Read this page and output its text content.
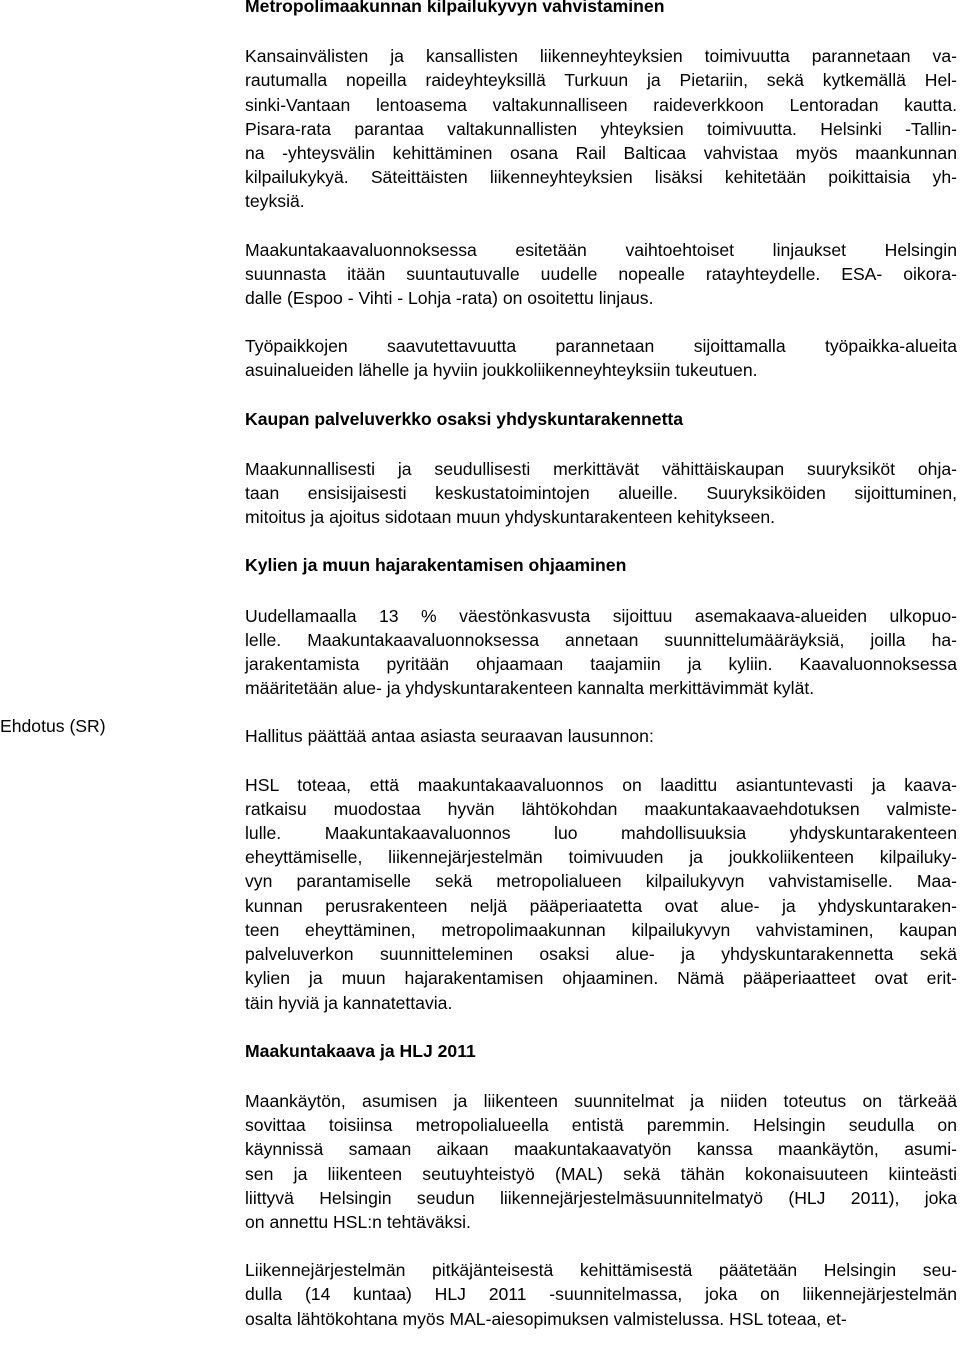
Ehdotus (SR)
Metropolimaakunnan kilpailukyvyn vahvistaminen
Kansainvälisten ja kansallisten liikenneyhteyksien toimivuutta parannetaan va-
rautumalla nopeilla raideyhteyksillä Turkuun ja Pietariin, sekä kytkemällä Hel-
sinki-Vantaan lentoasema valtakunnalliseen raideverkkoon Lentoradan kautta.
Pisara-rata parantaa valtakunnallisten yhteyksien toimivuutta. Helsinki -Tallin-
na -yhteysvälin kehittäminen osana Rail Balticaa vahvistaa myös maankunnan
kilpailukykyä. Säteittäisten liikenneyhteyksien lisäksi kehitetään poikittaisia yh-
teyksiä.
Maakuntakaavaluonnoksessa esitetään vaihtoehtoiset linjaukset Helsingin
suunnasta itään suuntautuvalle uudelle nopealle ratayhteydelle. ESA- oikora-
dalle (Espoo - Vihti - Lohja -rata) on osoitettu linjaus.
Työpaikkojen saavutettavuutta parannetaan sijoittamalla työpaikka-alueita
asuinalueiden lähelle ja hyviin joukkoliikenneyhteyksiin tukeutuen.
Kaupan palveluverkko osaksi yhdyskuntarakennetta
Maakunnallisesti ja seudullisesti merkittävät vähittäiskaupan suuryksiköt ohja-
taan ensisijaisesti keskustatoimintojen alueille. Suuryksiköiden sijoittuminen,
mitoitus ja ajoitus sidotaan muun yhdyskuntarakenteen kehitykseen.
Kylien ja muun hajarakentamisen ohjaaminen
Uudellamaalla 13 % väestönkasvusta sijoittuu asemakaava-alueiden ulkopuo-
lelle. Maakuntakaavaluonnoksessa annetaan suunnittelumääräyksiä, joilla ha-
jarakentamista pyritään ohjaamaan taajamiin ja kyliin. Kaavaluonnoksessa
määritetään alue- ja yhdyskuntarakenteen kannalta merkittävimmät kylät.
Hallitus päättää antaa asiasta seuraavan lausunnon:
HSL toteaa, että maakuntakaavaluonnos on laadittu asiantuntevasti ja kaava-
ratkaisu muodostaa hyvän lähtökohdan maakuntakaavaehdotuksen valmiste-
lulle. Maakuntakaavaluonnos luo mahdollisuuksia yhdyskuntarakenteen
eheyttämiselle, liikennejärjestelmän toimivuuden ja joukkoliikenteen kilpailuky-
vyn parantamiselle sekä metropolialueen kilpailukyvyn vahvistamiselle. Maa-
kunnan perusrakenteen neljä pääperiaatetta ovat alue- ja yhdyskuntaraken-
teen eheyttäminen, metropolimaakunnan kilpailukyvyn vahvistaminen, kaupan
palveluverkon suunnitteleminen osaksi alue- ja yhdyskuntarakennetta sekä
kylien ja muun hajarakentamisen ohjaaminen. Nämä pääperiaatteet ovat erit-
täin hyviä ja kannatettavia.
Maakuntakaava ja HLJ 2011
Maankäytön, asumisen ja liikenteen suunnitelmat ja niiden toteutus on tärkeää
sovittaa toisiinsa metropolialueella entistä paremmin. Helsingin seudulla on
käynnissä samaan aikaan maakuntakaavatyön kanssa maankäytön, asumi-
sen ja liikenteen seutuyhteistyö (MAL) sekä tähän kokonaisuuteen kiinteästi
liittyvä Helsingin seudun liikennejärjestelmäsuunnitelmatyö (HLJ 2011), joka
on annettu HSL:n tehtäväksi.
Liikennejärjestelmän pitkäjänteisestä kehittämisestä päätetään Helsingin seu-
dulla (14 kuntaa) HLJ 2011 -suunnitelmassa, joka on liikennejärjestelmän
osalta lähtökohtana myös MAL-aiesopimuksen valmistelussa. HSL toteaa, et-
